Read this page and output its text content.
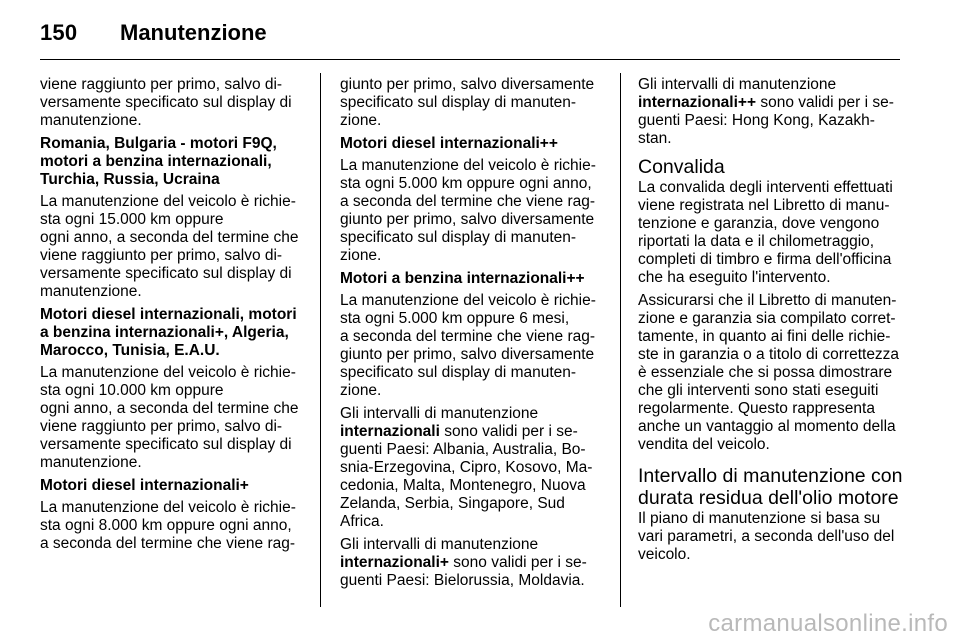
150 Manutenzione
viene raggiunto per primo, salvo di-
versamente specificato sul display di
manutenzione.
Romania, Bulgaria - motori F9Q,
motori a benzina internazionali,
Turchia, Russia, Ucraina
La manutenzione del veicolo è richie-
sta ogni 15.000 km oppure
ogni anno, a seconda del termine che
viene raggiunto per primo, salvo di-
versamente specificato sul display di
manutenzione.
Motori diesel internazionali, motori
a benzina internazionali+, Algeria,
Marocco, Tunisia, E.A.U.
La manutenzione del veicolo è richie-
sta ogni 10.000 km oppure
ogni anno, a seconda del termine che
viene raggiunto per primo, salvo di-
versamente specificato sul display di
manutenzione.
Motori diesel internazionali+
La manutenzione del veicolo è richie-
sta ogni 8.000 km oppure ogni anno,
a seconda del termine che viene rag-
giunto per primo, salvo diversamente
specificato sul display di manuten-
zione.
Motori diesel internazionali++
La manutenzione del veicolo è richie-
sta ogni 5.000 km oppure ogni anno,
a seconda del termine che viene rag-
giunto per primo, salvo diversamente
specificato sul display di manuten-
zione.
Motori a benzina internazionali++
La manutenzione del veicolo è richie-
sta ogni 5.000 km oppure 6 mesi,
a seconda del termine che viene rag-
giunto per primo, salvo diversamente
specificato sul display di manuten-
zione.
Gli intervalli di manutenzione
internazionali sono validi per i se-
guenti Paesi: Albania, Australia, Bo-
snia-Erzegovina, Cipro, Kosovo, Ma-
cedonia, Malta, Montenegro, Nuova
Zelanda, Serbia, Singapore, Sud
Africa.
Gli intervalli di manutenzione
internazionali+ sono validi per i se-
guenti Paesi: Bielorussia, Moldavia.
Gli intervalli di manutenzione
internazionali++ sono validi per i se-
guenti Paesi: Hong Kong, Kazakh-
stan.
Convalida
La convalida degli interventi effettuati
viene registrata nel Libretto di manu-
tenzione e garanzia, dove vengono
riportati la data e il chilometraggio,
completi di timbro e firma dell'officina
che ha eseguito l'intervento.
Assicurarsi che il Libretto di manuten-
zione e garanzia sia compilato corret-
tamente, in quanto ai fini delle richie-
ste in garanzia o a titolo di correttezza
è essenziale che si possa dimostrare
che gli interventi sono stati eseguiti
regolarmente. Questo rappresenta
anche un vantaggio al momento della
vendita del veicolo.
Intervallo di manutenzione con
durata residua dell'olio motore
Il piano di manutenzione si basa su
vari parametri, a seconda dell'uso del
veicolo.
carmanualsonline.info
